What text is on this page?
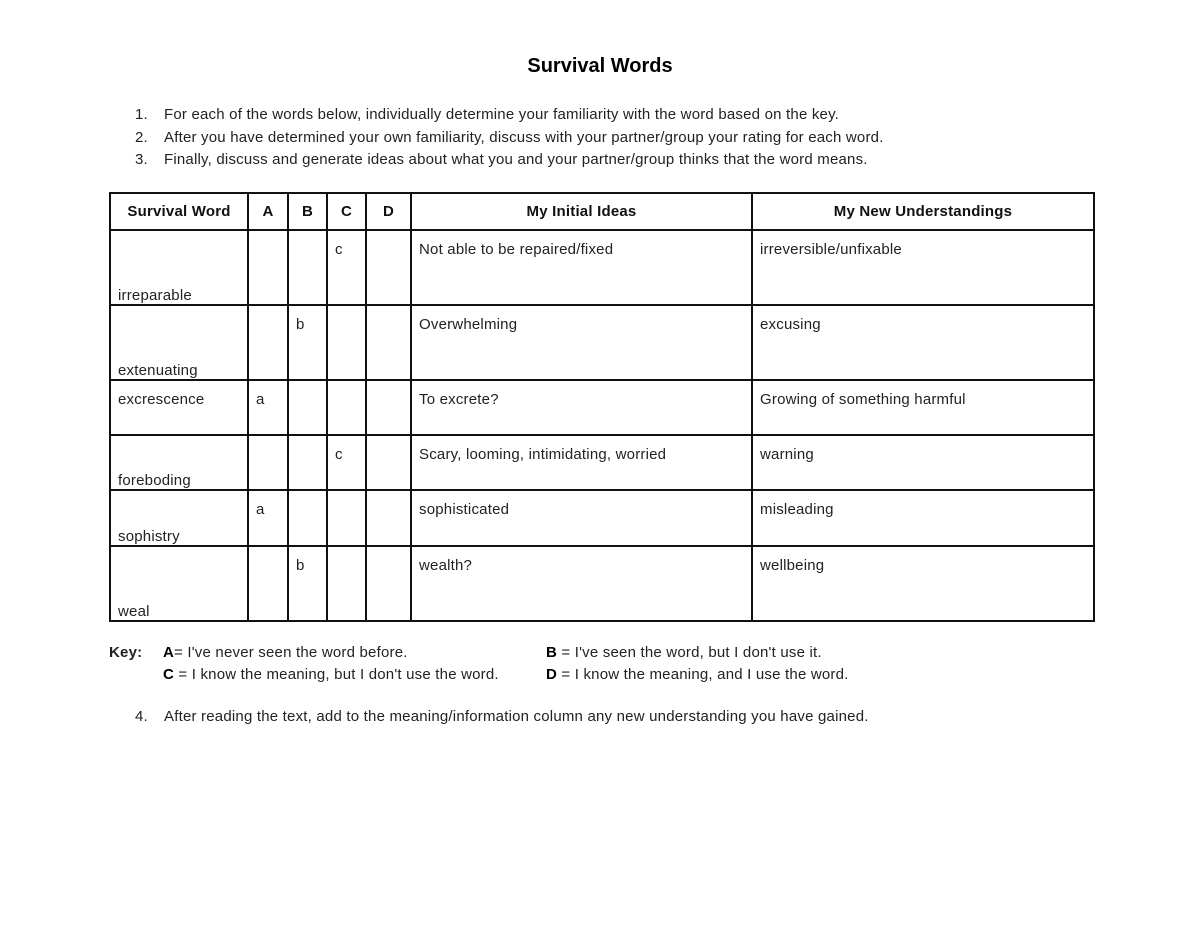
Survival Words
1.	For each of the words below, individually determine your familiarity with the word based on the key.
2.	After you have determined your own familiarity, discuss with your partner/group your rating for each word.
3.	Finally, discuss and generate ideas about what you and your partner/group thinks that the word means.
Survival Word	A	B	C	D	My Initial Ideas	My New Understandings
irreparable			c		Not able to be repaired/fixed	irreversible/unfixable
extenuating		b			Overwhelming	excusing
excrescence	a				To excrete?	Growing of something harmful
foreboding			c		Scary, looming, intimidating, worried	warning
sophistry	a				sophisticated	misleading
weal		b			wealth?	wellbeing
Key: A= I've never seen the word before.	B = I've seen the word, but I don't use it.
C = I know the meaning, but I don't use the word.	D = I know the meaning, and I use the word.
4.	After reading the text, add to the meaning/information column any new understanding you have gained.
